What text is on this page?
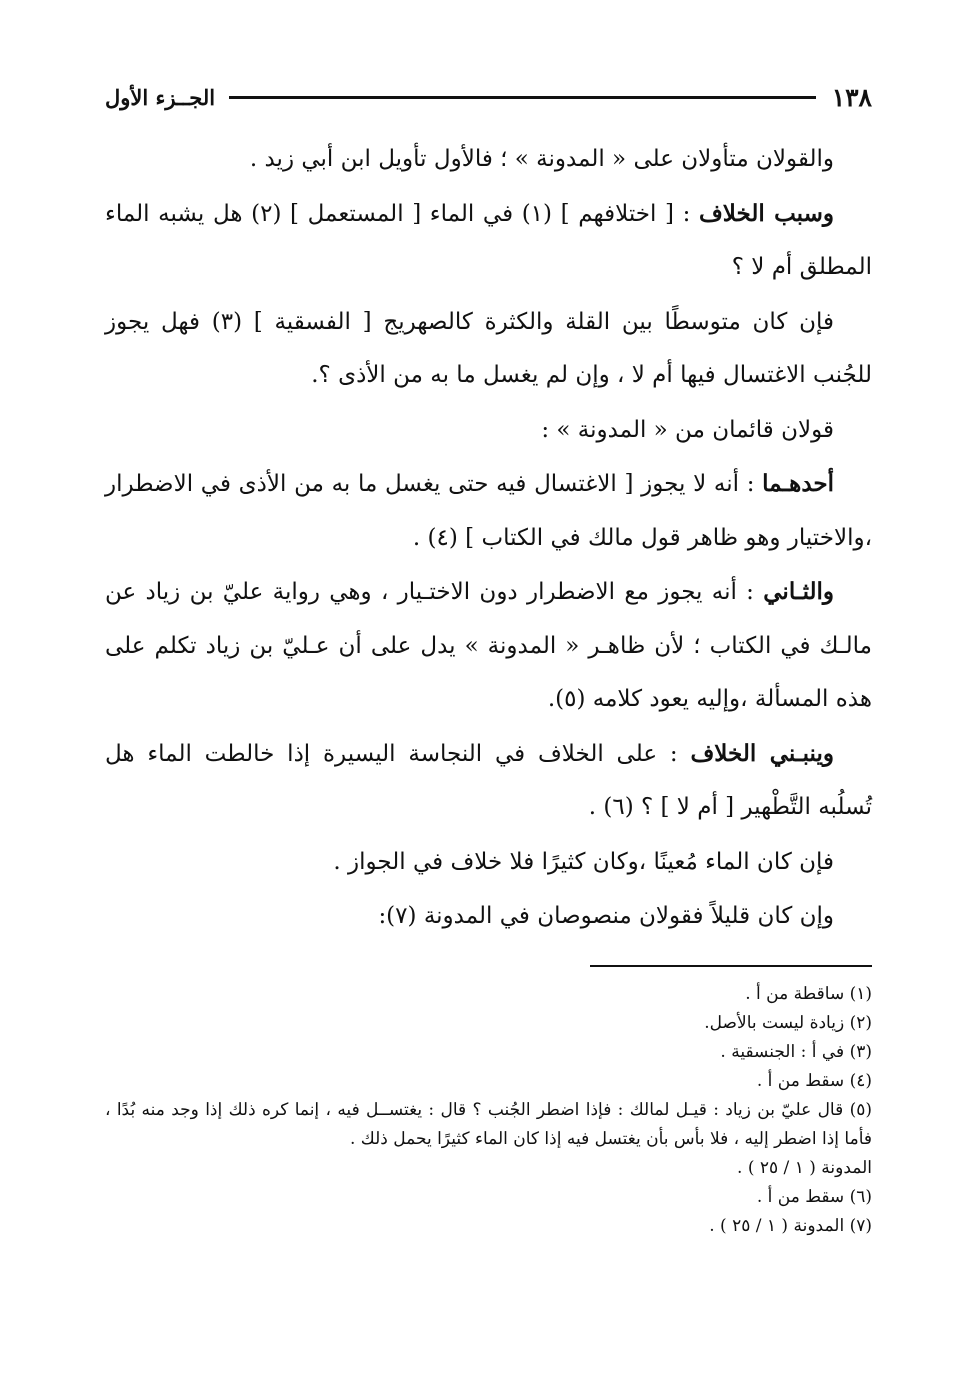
١٣٨
الجــزء الأول

والقولان متأولان على « المدونة » ؛ فالأول تأويل ابن أبي زيد .

وسبب الخلاف : [ اختلافهم ] (١) في الماء [ المستعمل ] (٢) هل يشبه الماء المطلق أم لا ؟

فإن كان متوسطًا بين القلة والكثرة كالصهريج [ الفسقية ] (٣) فهل يجوز للجُنب الاغتسال فيها أم لا ، وإن لم يغسل ما به من الأذى ؟.

قولان قائمان من « المدونة » :

أحدهـما : أنه لا يجوز [ الاغتسال فيه حتى يغسل ما به من الأذى في الاضطرار ،والاختيار وهو ظاهر قول مالك في الكتاب ] (٤) .

والثـاني : أنه يجوز مع الاضطرار دون الاختـيار ، وهي رواية عليّ بن زياد عن مالـك في الكتاب ؛ لأن ظاهـر « المدونة » يدل على أن عـليّ بن زياد تكلم على هذه المسألة ،وإليه يعود كلامه (٥).

وينبـني الخلاف : على الخلاف في النجاسة اليسيرة إذا خالطت الماء هل تُسلُبه التَّطْهير [ أم لا ] ؟ (٦) .

فإن كان الماء مُعينًا ،وكان كثيرًا فلا خلاف في الجواز .

وإن كان قليلاً فقولان منصوصان في المدونة (٧):

(١) ساقطة من أ .

(٢) زيادة ليست بالأصل.

(٣) في أ : الجنسقية .

(٤) سقط من أ .

(٥) قال عليّ بن زياد : قيـل لمالك : فإذا اضطر الجُنب ؟ قال : يغتســل فيه ، إنما كره ذلك إذا وجد منه بُدًا ، فأما إذا اضطر إليه ، فلا بأس بأن يغتسل فيه إذا كان الماء كثيرًا يحمل ذلك .

المدونة ( ١ / ٢٥ ) .

(٦) سقط من أ .

(٧) المدونة ( ١ / ٢٥ ) .
